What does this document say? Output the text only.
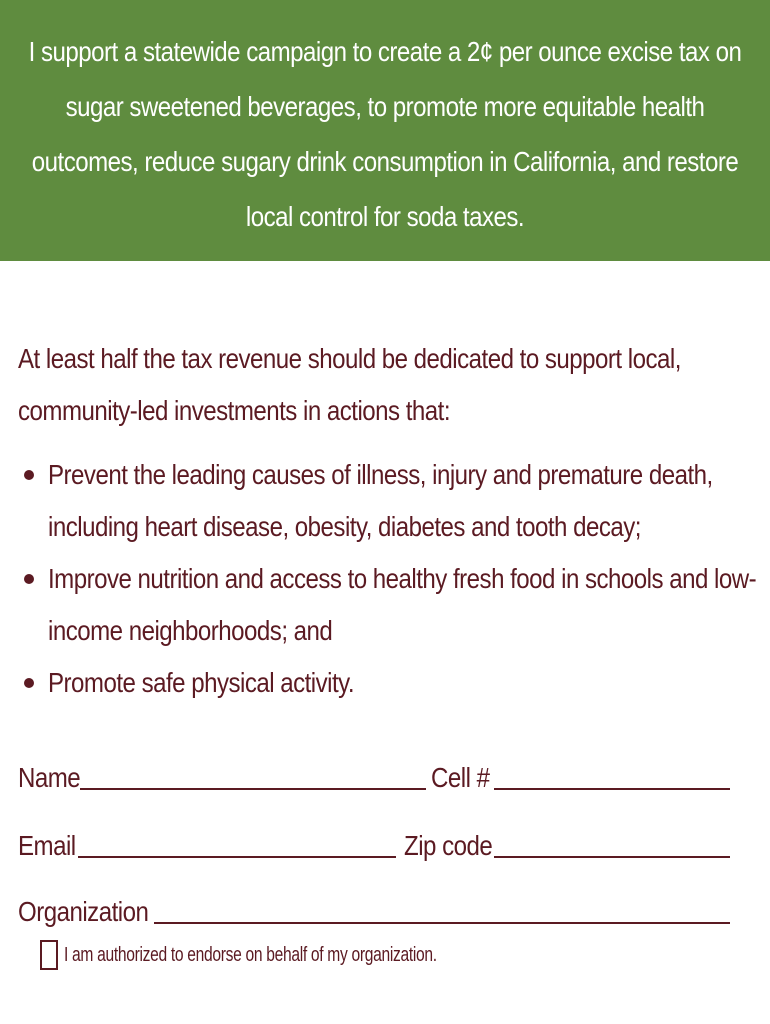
I support a statewide campaign to create a 2¢ per ounce excise tax on sugar sweetened beverages, to promote more equitable health outcomes, reduce sugary drink consumption in California, and restore local control for soda taxes.

At least half the tax revenue should be dedicated to support local, community-led investments in actions that:

Prevent the leading causes of illness, injury and premature death, including heart disease, obesity, diabetes and tooth decay;
Improve nutrition and access to healthy fresh food in schools and low-income neighborhoods; and
Promote safe physical activity.
Name	Cell #
Email	Zip code
Organization
I am authorized to endorse on behalf of my organization.
